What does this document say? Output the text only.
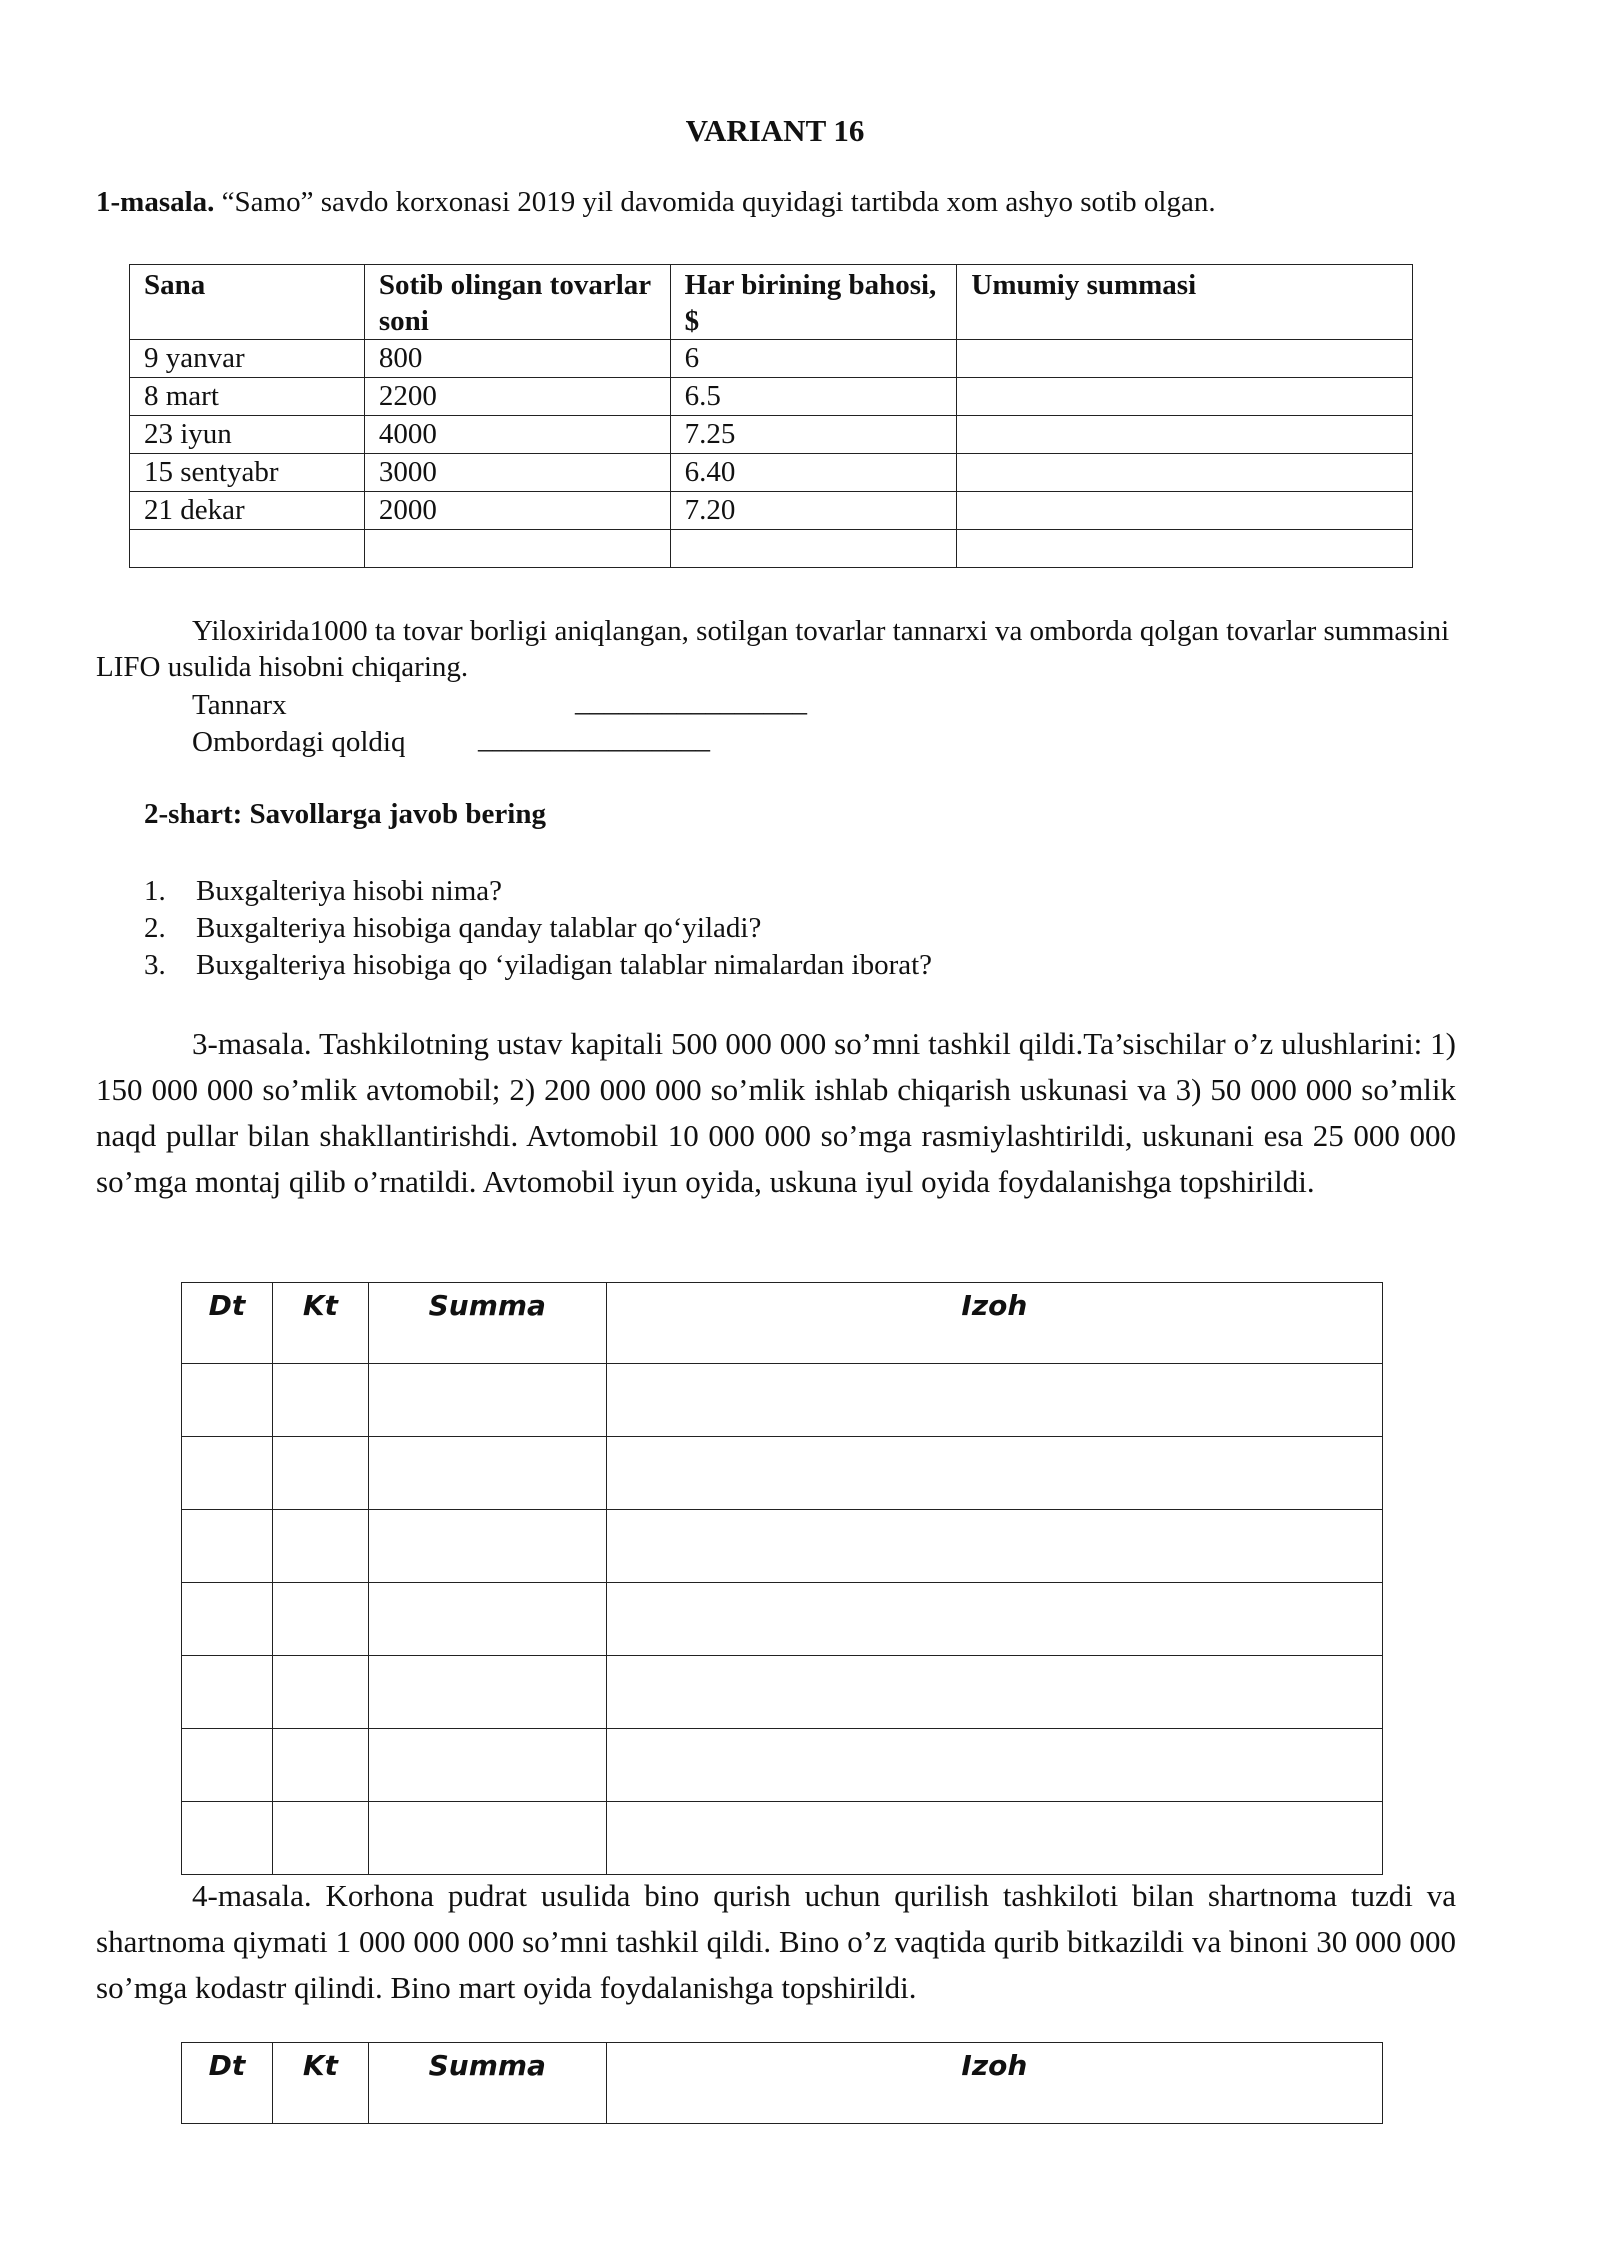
VARIANT 16
1-masala. “Samo” savdo korxonasi 2019 yil davomida quyidagi tartibda xom ashyo sotib olgan.
Sana	Sotib olingan tovarlar soni	Har birining bahosi, $	Umumiy summasi
9 yanvar	800	6	
8 mart	2200	6.5	
23 iyun	4000	7.25	
15 sentyabr	3000	6.40	
21 dekar	2000	7.20	

Yiloxirida1000 ta tovar borligi aniqlangan, sotilgan tovarlar tannarxi va omborda qolgan tovarlar summasini LIFO usulida hisobni chiqaring.
Tannarx	________________
Ombordagi qoldiq	________________
2-shart: Savollarga javob bering
1. Buxgalteriya hisobi nima?
2. Buxgalteriya hisobiga qanday talablar qo‘yiladi?
3. Buxgalteriya hisobiga qo ‘yiladigan talablar nimalardan iborat?
3-masala. Tashkilotning ustav kapitali 500 000 000 so’mni tashkil qildi.Ta’sischilar o’z ulushlarini: 1) 150 000 000 so’mlik avtomobil; 2) 200 000 000 so’mlik ishlab chiqarish uskunasi va 3) 50 000 000 so’mlik naqd pullar bilan shakllantirishdi. Avtomobil 10 000 000 so’mga rasmiylashtirildi, uskunani esa 25 000 000 so’mga montaj qilib o’rnatildi. Avtomobil iyun oyida, uskuna iyul oyida foydalanishga topshirildi.
Dt	Kt	Summa	Izoh

4-masala. Korhona pudrat usulida bino qurish uchun qurilish tashkiloti bilan shartnoma tuzdi va shartnoma qiymati 1 000 000 000 so’mni tashkil qildi. Bino o’z vaqtida qurib bitkazildi va binoni 30 000 000 so’mga kodastr qilindi. Bino mart oyida foydalanishga topshirildi.
Dt	Kt	Summa	Izoh
